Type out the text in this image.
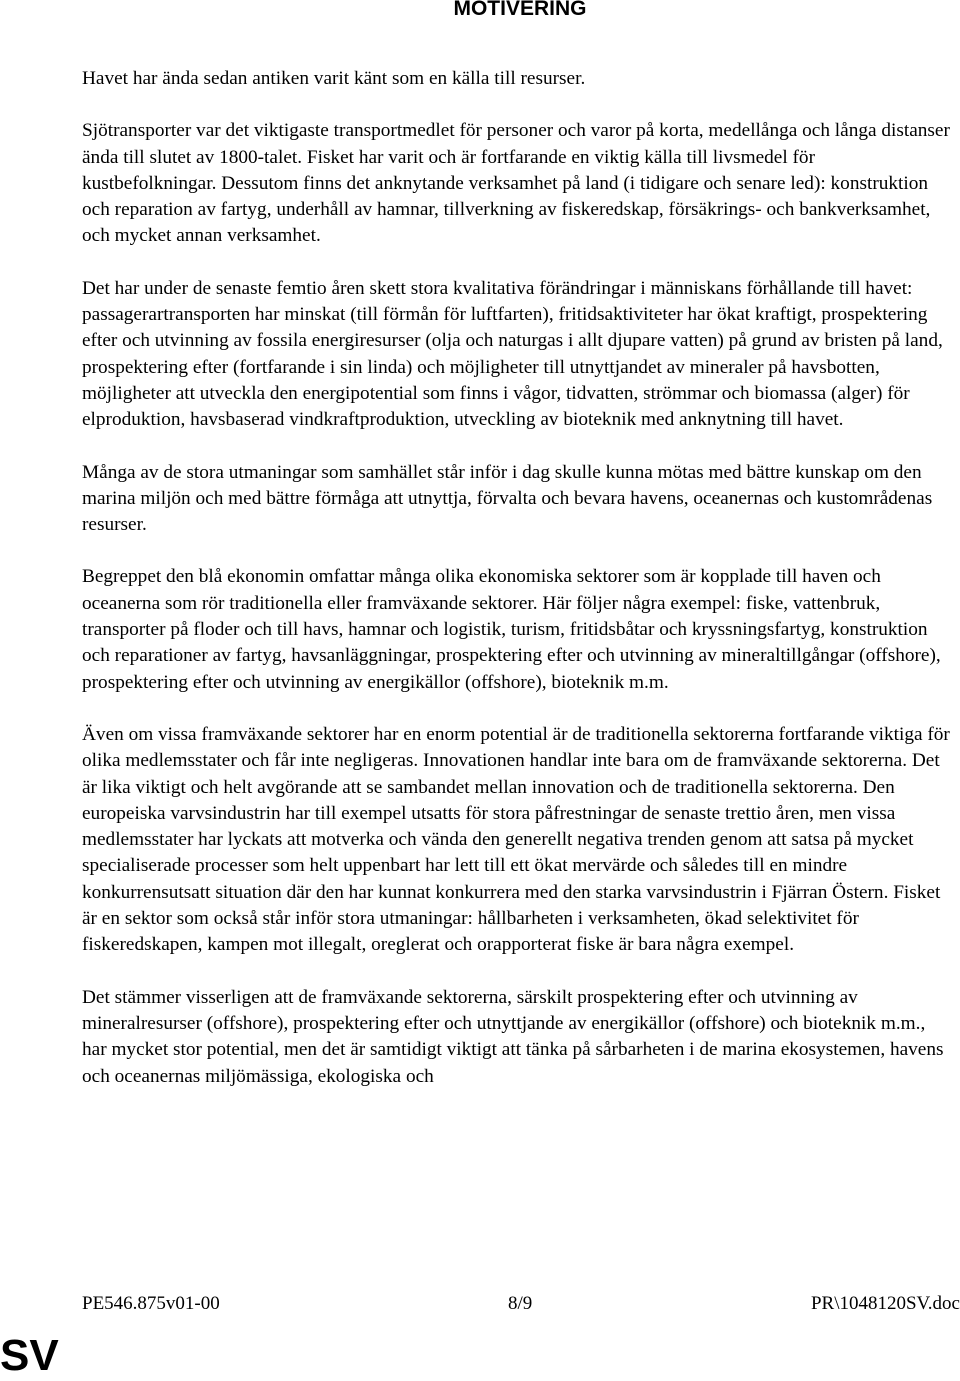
MOTIVERING

Havet har ända sedan antiken varit känt som en källa till resurser.

Sjötransporter var det viktigaste transportmedlet för personer och varor på korta, medellånga och långa distanser ända till slutet av 1800-talet. Fisket har varit och är fortfarande en viktig källa till livsmedel för kustbefolkningar. Dessutom finns det anknytande verksamhet på land (i tidigare och senare led): konstruktion och reparation av fartyg, underhåll av hamnar, tillverkning av fiskeredskap, försäkrings- och bankverksamhet, och mycket annan verksamhet.

Det har under de senaste femtio åren skett stora kvalitativa förändringar i människans förhållande till havet: passagerartransporten har minskat (till förmån för luftfarten), fritidsaktiviteter har ökat kraftigt, prospektering efter och utvinning av fossila energiresurser (olja och naturgas i allt djupare vatten) på grund av bristen på land, prospektering efter (fortfarande i sin linda) och möjligheter till utnyttjandet av mineraler på havsbotten, möjligheter att utveckla den energipotential som finns i vågor, tidvatten, strömmar och biomassa (alger) för elproduktion, havsbaserad vindkraftproduktion, utveckling av bioteknik med anknytning till havet.

Många av de stora utmaningar som samhället står inför i dag skulle kunna mötas med bättre kunskap om den marina miljön och med bättre förmåga att utnyttja, förvalta och bevara havens, oceanernas och kustområdenas resurser.

Begreppet den blå ekonomin omfattar många olika ekonomiska sektorer som är kopplade till haven och oceanerna som rör traditionella eller framväxande sektorer. Här följer några exempel: fiske, vattenbruk, transporter på floder och till havs, hamnar och logistik, turism, fritidsbåtar och kryssningsfartyg, konstruktion och reparationer av fartyg, havsanläggningar, prospektering efter och utvinning av mineraltillgångar (offshore), prospektering efter och utvinning av energikällor (offshore), bioteknik m.m.

Även om vissa framväxande sektorer har en enorm potential är de traditionella sektorerna fortfarande viktiga för olika medlemsstater och får inte negligeras. Innovationen handlar inte bara om de framväxande sektorerna. Det är lika viktigt och helt avgörande att se sambandet mellan innovation och de traditionella sektorerna. Den europeiska varvsindustrin har till exempel utsatts för stora påfrestningar de senaste trettio åren, men vissa medlemsstater har lyckats att motverka och vända den generellt negativa trenden genom att satsa på mycket specialiserade processer som helt uppenbart har lett till ett ökat mervärde och således till en mindre konkurrensutsatt situation där den har kunnat konkurrera med den starka varvsindustrin i Fjärran Östern. Fisket är en sektor som också står inför stora utmaningar: hållbarheten i verksamheten, ökad selektivitet för fiskeredskapen, kampen mot illegalt, oreglerat och orapporterat fiske är bara några exempel.

Det stämmer visserligen att de framväxande sektorerna, särskilt prospektering efter och utvinning av mineralresurser (offshore), prospektering efter och utnyttjande av energikällor (offshore) och bioteknik m.m., har mycket stor potential, men det är samtidigt viktigt att tänka på sårbarheten i de marina ekosystemen, havens och oceanernas miljömässiga, ekologiska och

PE546.875v01-00	8/9	PR\1048120SV.doc
SV
